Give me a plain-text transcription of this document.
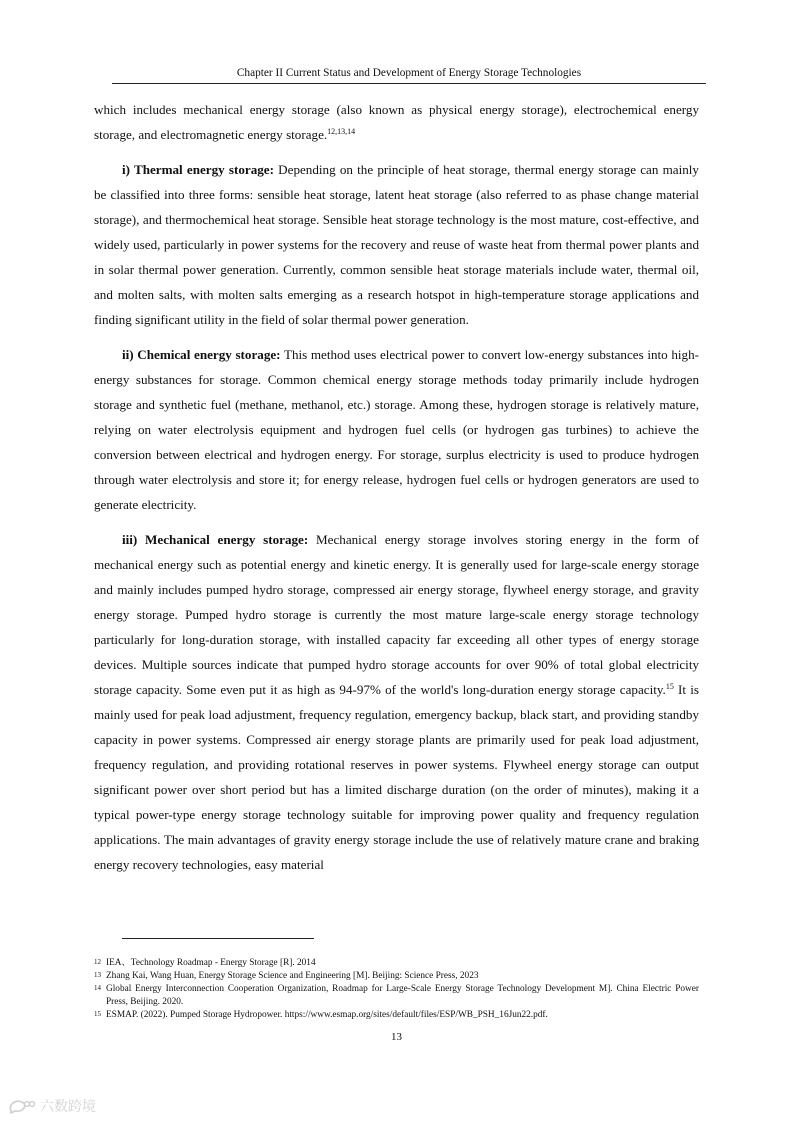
Chapter II Current Status and Development of Energy Storage Technologies

which includes mechanical energy storage (also known as physical energy storage), electrochemical energy storage, and electromagnetic energy storage.$^{12,13,14}$

i) Thermal energy storage: Depending on the principle of heat storage, thermal energy storage can mainly be classified into three forms: sensible heat storage, latent heat storage (also referred to as phase change material storage), and thermochemical heat storage. Sensible heat storage technology is the most mature, cost-effective, and widely used, particularly in power systems for the recovery and reuse of waste heat from thermal power plants and in solar thermal power generation. Currently, common sensible heat storage materials include water, thermal oil, and molten salts, with molten salts emerging as a research hotspot in high-temperature storage applications and finding significant utility in the field of solar thermal power generation.

ii) Chemical energy storage: This method uses electrical power to convert low-energy substances into high-energy substances for storage. Common chemical energy storage methods today primarily include hydrogen storage and synthetic fuel (methane, methanol, etc.) storage. Among these, hydrogen storage is relatively mature, relying on water electrolysis equipment and hydrogen fuel cells (or hydrogen gas turbines) to achieve the conversion between electrical and hydrogen energy. For storage, surplus electricity is used to produce hydrogen through water electrolysis and store it; for energy release, hydrogen fuel cells or hydrogen generators are used to generate electricity.

iii) Mechanical energy storage: Mechanical energy storage involves storing energy in the form of mechanical energy such as potential energy and kinetic energy. It is generally used for large-scale energy storage and mainly includes pumped hydro storage, compressed air energy storage, flywheel energy storage, and gravity energy storage. Pumped hydro storage is currently the most mature large-scale energy storage technology particularly for long-duration storage, with installed capacity far exceeding all other types of energy storage devices. Multiple sources indicate that pumped hydro storage accounts for over 90% of total global electricity storage capacity. Some even put it as high as 94-97% of the world's long-duration energy storage capacity.$^{15}$ It is mainly used for peak load adjustment, frequency regulation, emergency backup, black start, and providing standby capacity in power systems. Compressed air energy storage plants are primarily used for peak load adjustment, frequency regulation, and providing rotational reserves in power systems. Flywheel energy storage can output significant power over short period but has a limited discharge duration (on the order of minutes), making it a typical power-type energy storage technology suitable for improving power quality and frequency regulation applications. The main advantages of gravity energy storage include the use of relatively mature crane and braking energy recovery technologies, easy material

12 IEA、Technology Roadmap - Energy Storage [R]. 2014
13 Zhang Kai, Wang Huan, Energy Storage Science and Engineering [M]. Beijing: Science Press, 2023
14 Global Energy Interconnection Cooperation Organization, Roadmap for Large-Scale Energy Storage Technology Development M]. China Electric Power Press, Beijing. 2020.
15 ESMAP. (2022). Pumped Storage Hydropower. https://www.esmap.org/sites/default/files/ESP/WB_PSH_16Jun22.pdf.
13
六数跨境
